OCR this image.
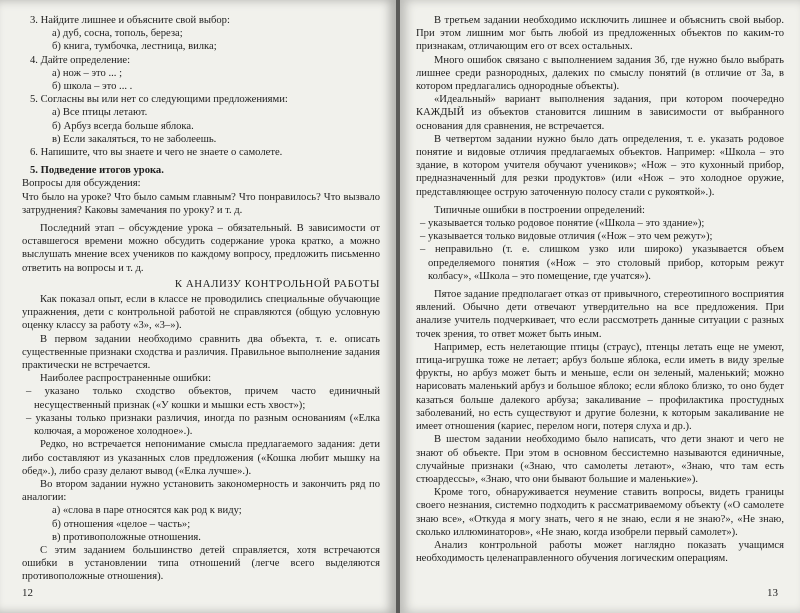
3. Найдите лишнее и объясните свой выбор:

а) дуб, сосна, тополь, береза;

б) книга, тумбочка, лестница, вилка;

4. Дайте определение:

а) нож – это ... ;

б) школа – это ... .

5. Согласны вы или нет со следующими предложениями:

а) Все птицы летают.

б) Арбуз всегда больше яблока.

в) Если закаляться, то не заболеешь.

6. Напишите, что вы знаете и чего не знаете о самолете.

5. Подведение итогов урока.

Вопросы для обсуждения:

Что было на уроке? Что было самым главным? Что понравилось? Что вызвало затруднения? Каковы замечания по уроку? и т. д.

Последний этап – обсуждение урока – обязательный. В зависимости от оставшегося времени можно обсудить содержание урока кратко, а можно выслушать мнение всех учеников по каждому вопросу, предложить письменно ответить на вопросы и т. д.

К АНАЛИЗУ КОНТРОЛЬНОЙ РАБОТЫ

Как показал опыт, если в классе не проводились специальные обучающие упражнения, дети с контрольной работой не справляются (общую условную оценку классу за работу «3», «3–»).

В первом задании необходимо сравнить два объекта, т. е. описать существенные признаки сходства и различия. Правильное выполнение задания практически не встречается.

Наиболее распространенные ошибки:

– указано только сходство объектов, причем часто единичный несущественный признак («У кошки и мышки есть хвост»);

– указаны только признаки различия, иногда по разным основаниям («Елка колючая, а мороженое холодное».).

Редко, но встречается непонимание смысла предлагаемого задания: дети либо составляют из указанных слов предложения («Кошка любит мышку на обед».), либо сразу делают вывод («Елка лучше».).

Во втором задании нужно установить закономерность и закончить ряд по аналогии:

а) «слова в паре относятся как род к виду;

б) отношения «целое – часть»;

в) противоположные отношения.

С этим заданием большинство детей справляется, хотя встречаются ошибки в установлении типа отношений (легче всего выделяются противоположные отношения).

12

В третьем задании необходимо исключить лишнее и объяснить свой выбор. При этом лишним мог быть любой из предложенных объектов по каким-то признакам, отличающим его от всех остальных.

Много ошибок связано с выполнением задания 3б, где нужно было выбрать лишнее среди разнородных, далеких по смыслу понятий (в отличие от 3а, в котором предлагались однородные объекты).

«Идеальный» вариант выполнения задания, при котором поочередно КАЖДЫЙ из объектов становится лишним в зависимости от выбранного основания для сравнения, не встречается.

В четвертом задании нужно было дать определения, т. е. указать родовое понятие и видовые отличия предлагаемых объектов. Например: «Школа – это здание, в котором учителя обучают учеников»; «Нож – это кухонный прибор, предназначенный для резки продуктов» (или «Нож – это холодное оружие, представляющее острую заточенную полосу стали с рукояткой».).

Типичные ошибки в построении определений:

– указывается только родовое понятие («Школа – это здание»);

– указывается только видовые отличия («Нож – это чем режут»);

– неправильно (т. е. слишком узко или широко) указывается объем определяемого понятия («Нож – это столовый прибор, которым режут колбасу», «Школа – это помещение, где учатся»).

Пятое задание предполагает отказ от привычного, стереотипного восприятия явлений. Обычно дети отвечают утвердительно на все предложения. При анализе учитель подчеркивает, что если рассмотреть данные ситуации с разных точек зрения, то ответ может быть иным.

Например, есть нелетающие птицы (страус), птенцы летать еще не умеют, птица-игрушка тоже не летает; арбуз больше яблока, если иметь в виду зрелые фрукты, но арбуз может быть и меньше, если он зеленый, маленький; можно нарисовать маленький арбуз и большое яблоко; если яблоко близко, то оно будет казаться больше далекого арбуза; закаливание – профилактика простудных заболеваний, но есть существуют и другие болезни, к которым закаливание не имеет отношения (кариес, перелом ноги, потеря слуха и др.).

В шестом задании необходимо было написать, что дети знают и чего не знают об объекте. При этом в основном бессистемно называются единичные, случайные признаки («Знаю, что самолеты летают», «Знаю, что там есть стюардессы», «Знаю, что они бывают большие и маленькие»).

Кроме того, обнаруживается неумение ставить вопросы, видеть границы своего незнания, системно подходить к рассматриваемому объекту («О самолете знаю все», «Откуда я могу знать, чего я не знаю, если я не знаю?», «Не знаю, сколько иллюминаторов», «Не знаю, когда изобрели первый самолет»).

Анализ контрольной работы может наглядно показать учащимся необходимость целенаправленного обучения логическим операциям.

13
